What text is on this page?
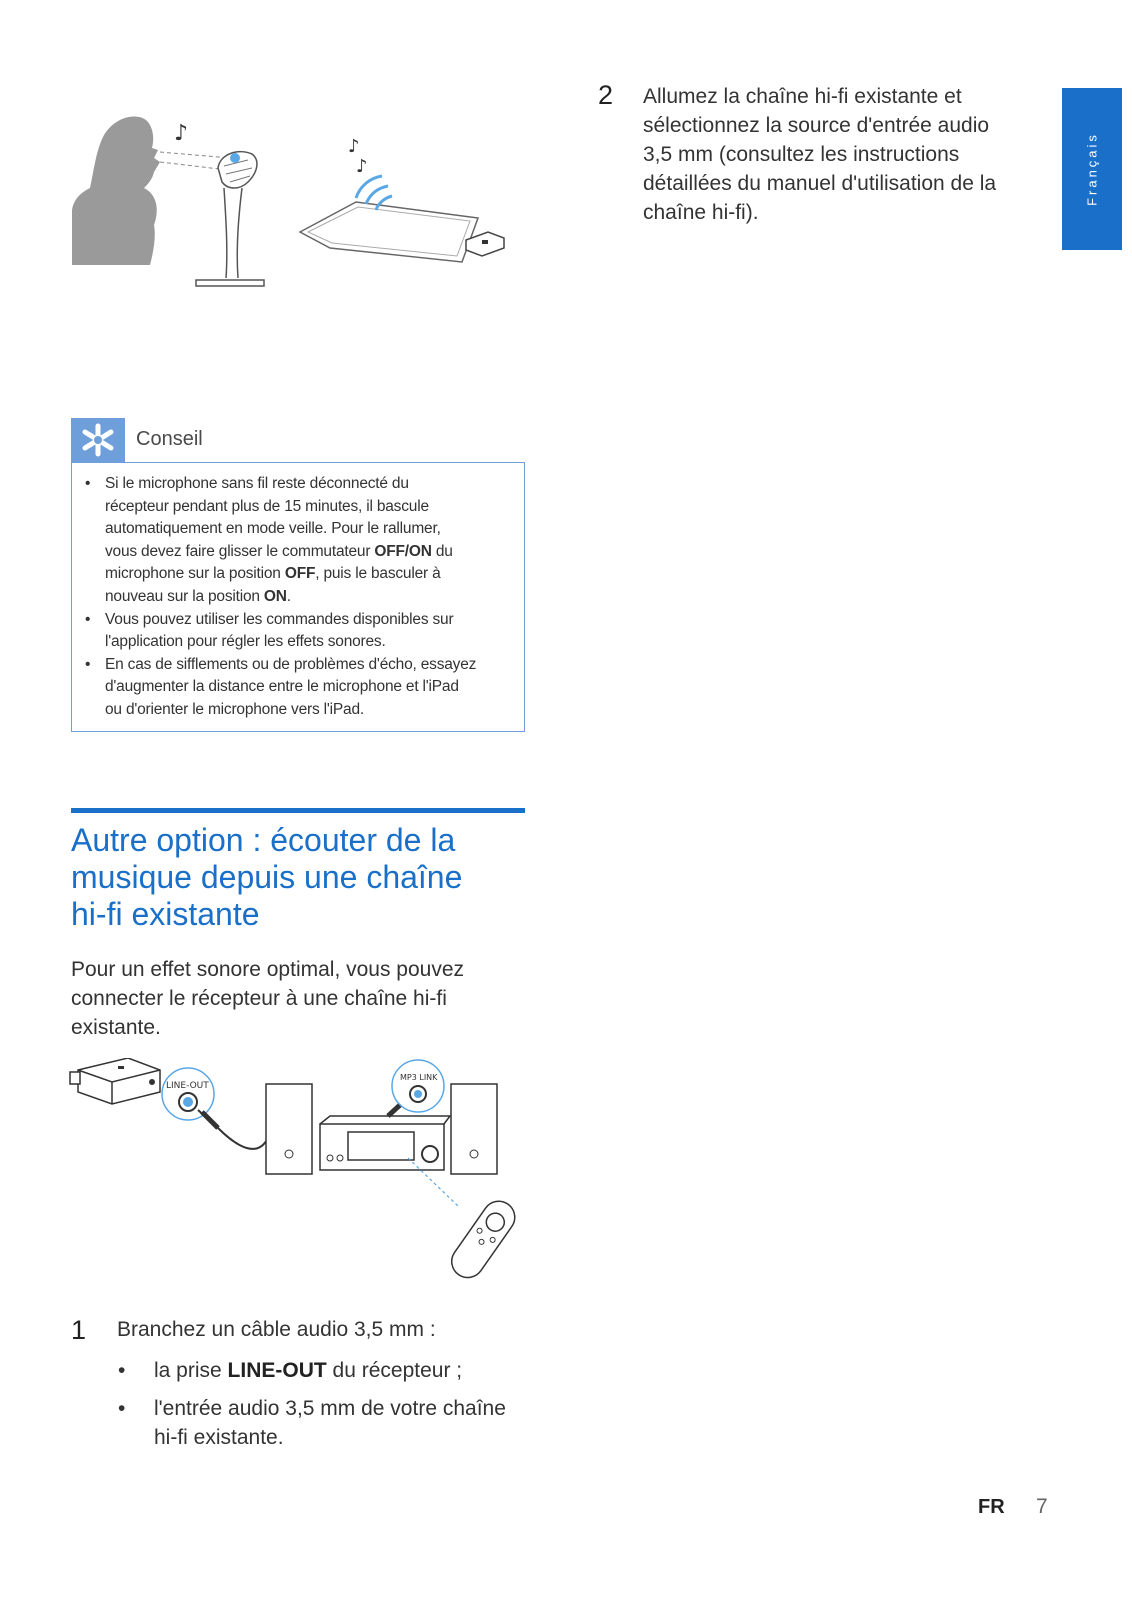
Français
♪
♪
♪
2 Allumez la chaîne hi-fi existante et
sélectionnez la source d'entrée audio
3,5 mm (consultez les instructions
détaillées du manuel d'utilisation de la
chaîne hi-fi).
Conseil
• Si le microphone sans fil reste déconnecté du
récepteur pendant plus de 15 minutes, il bascule
automatiquement en mode veille. Pour le rallumer,
vous devez faire glisser le commutateur OFF/ON du
microphone sur la position OFF, puis le basculer à
nouveau sur la position ON.
• Vous pouvez utiliser les commandes disponibles sur
l'application pour régler les effets sonores.
• En cas de sifflements ou de problèmes d'écho, essayez
d'augmenter la distance entre le microphone et l'iPad
ou d'orienter le microphone vers l'iPad.
Autre option : écouter de la
musique depuis une chaîne
hi-fi existante
Pour un effet sonore optimal, vous pouvez
connecter le récepteur à une chaîne hi-fi
existante.
LINE-OUT
MP3 LINK
1 Branchez un câble audio 3,5 mm :
• la prise LINE-OUT du récepteur ;
• l'entrée audio 3,5 mm de votre chaîne
hi-fi existante.
FR 7
